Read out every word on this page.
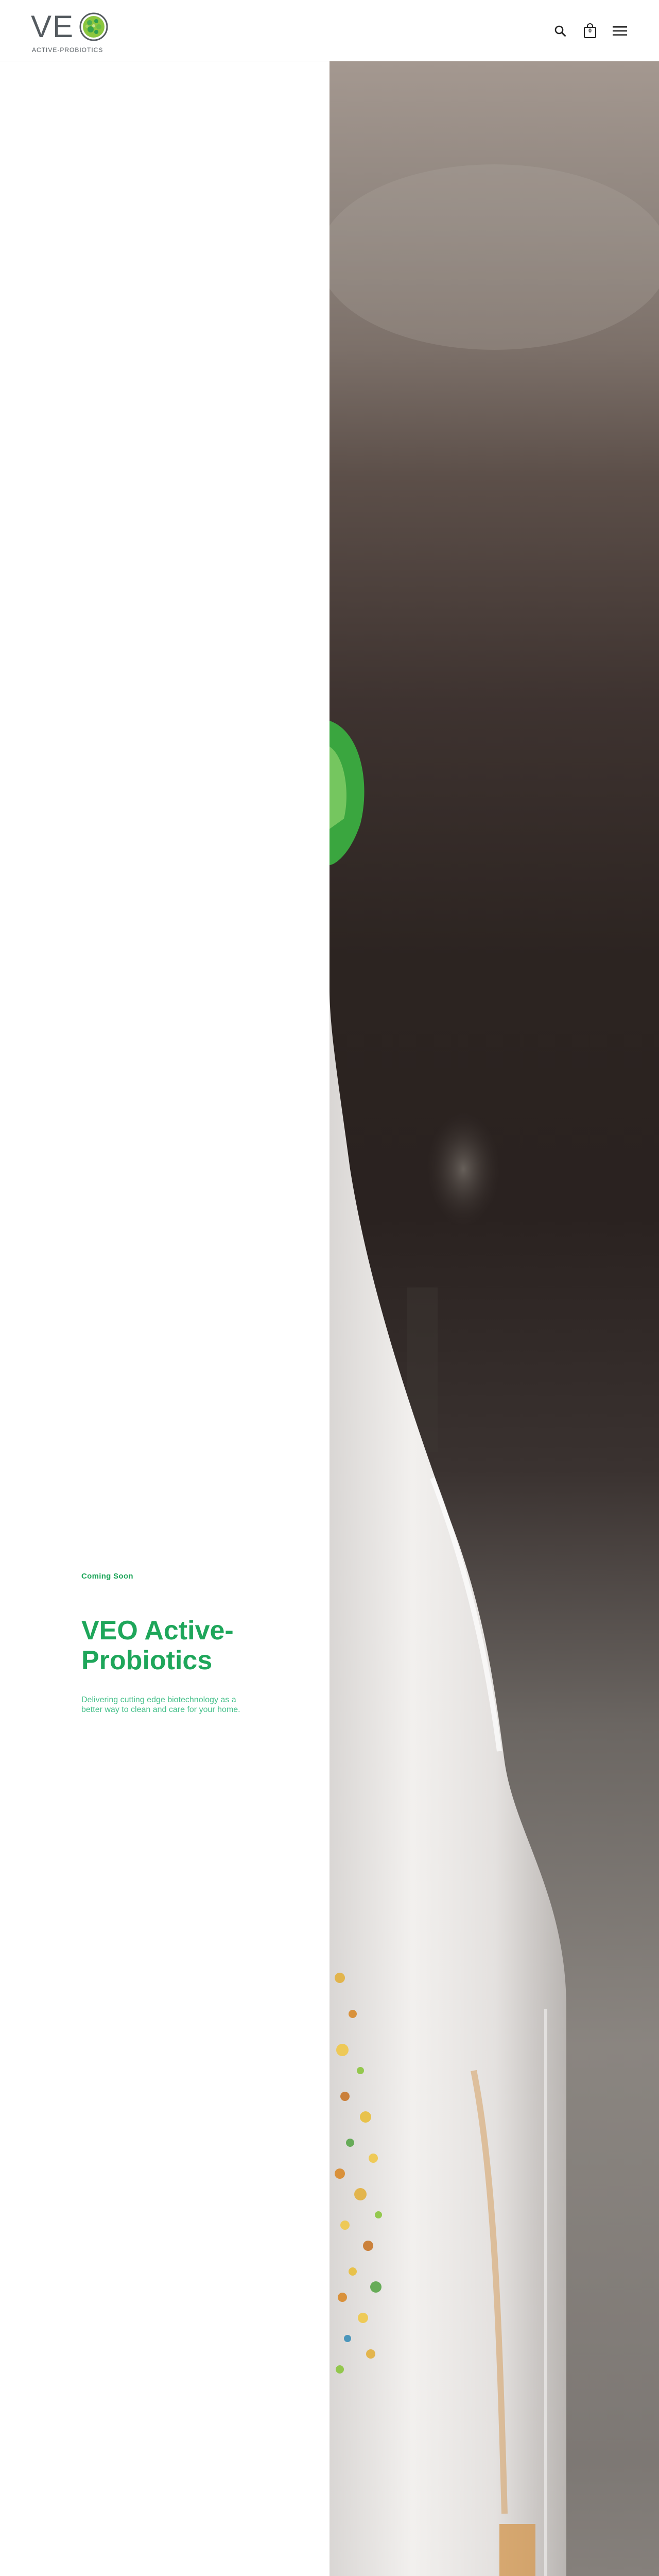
VE
ACTIVE-PROBIOTICS
0

Coming Soon

VEO Active-Probiotics

Delivering cutting edge biotechnology as a better way to clean and care for your home.
